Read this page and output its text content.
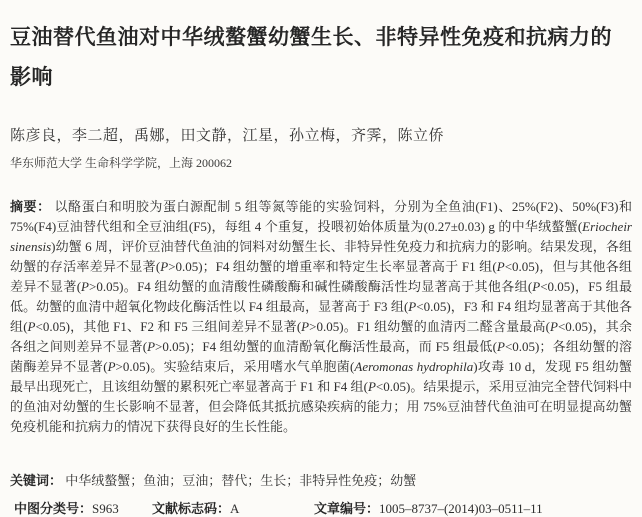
豆油替代鱼油对中华绒螯蟹幼蟹生长、非特异性免疫和抗病力的影响
陈彦良，李二超，禹娜，田文静，江星，孙立梅，齐霁，陈立侨
华东师范大学 生命科学学院，上海 200062

摘要： 以酪蛋白和明胶为蛋白源配制 5 组等氮等能的实验饲料，分别为全鱼油(F1)、25%(F2)、50%(F3)和 75%(F4)豆油替代组和全豆油组(F5)，每组 4 个重复，投喂初始体质量为(0.27±0.03) g 的中华绒螯蟹(Eriocheir sinensis)幼蟹 6 周，评价豆油替代鱼油的饲料对幼蟹生长、非特异性免疫力和抗病力的影响。结果发现，各组幼蟹的存活率差异不显著(P>0.05)；F4 组幼蟹的增重率和特定生长率显著高于 F1 组(P<0.05)，但与其他各组差异不显著(P>0.05)。F4 组幼蟹的血清酸性磷酸酶和碱性磷酸酶活性均显著高于其他各组(P<0.05)，F5 组最低。幼蟹的血清中超氧化物歧化酶活性以 F4 组最高，显著高于 F3 组(P<0.05)，F3 和 F4 组均显著高于其他各组(P<0.05)，其他 F1、F2 和 F5 三组间差异不显著(P>0.05)。F1 组幼蟹的血清丙二醛含量最高(P<0.05)，其余各组之间则差异不显著(P>0.05)；F4 组幼蟹的血清酚氧化酶活性最高，而 F5 组最低(P<0.05)；各组幼蟹的溶菌酶差异不显著(P>0.05)。实验结束后，采用嗜水气单胞菌(Aeromonas hydrophila)攻毒 10 d，发现 F5 组幼蟹最早出现死亡，且该组幼蟹的累积死亡率显著高于 F1 和 F4 组(P<0.05)。结果提示，采用豆油完全替代饲料中的鱼油对幼蟹的生长影响不显著，但会降低其抵抗感染疾病的能力；用 75%豆油替代鱼油可在明显提高幼蟹免疫机能和抗病力的情况下获得良好的生长性能。

关键词： 中华绒螯蟹；鱼油；豆油；替代；生长；非特异性免疫；幼蟹
中图分类号：S963	文献标志码：A	文章编号：1005–8737–(2014)03–0511–11
